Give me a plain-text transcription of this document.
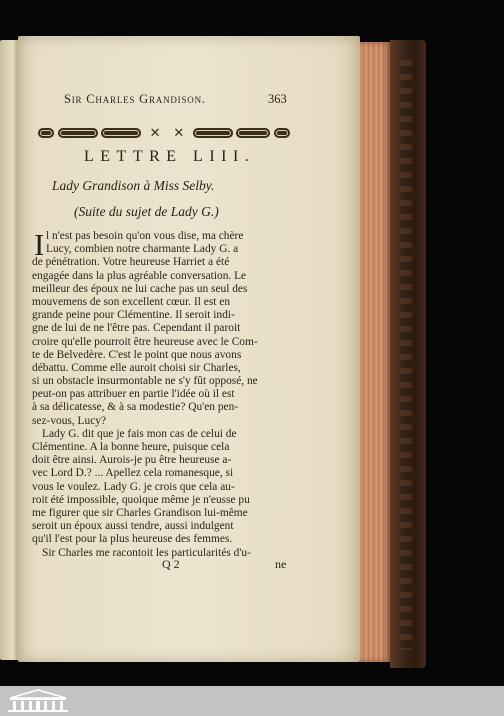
Sir Charles Grandison.	363
✕ ✕
LETTRE LIII.
Lady Grandison à Miss Selby.
(Suite du sujet de Lady G.)
I l n'est pas besoin qu'on vous dise, ma chère
Lucy, combien notre charmante Lady G. a
de pénétration. Votre heureuse Harriet a été
engagée dans la plus agréable conversation. Le
meilleur des époux ne lui cache pas un seul des
mouvemens de son excellent cœur. Il est en
grande peine pour Clémentine. Il seroit indi-
gne de lui de ne l'être pas. Cependant il paroit
croire qu'elle pourroit être heureuse avec le Com-
te de Belvedère. C'est le point que nous avons
débattu. Comme elle auroit choisi sir Charles,
si un obstacle insurmontable ne s'y fût opposé, ne
peut-on pas attribuer en partie l'idée où il est
à sa délicatesse, & à sa modestie? Qu'en pen-
sez-vous, Lucy?
Lady G. dit que je fais mon cas de celui de
Clémentine. A la bonne heure, puisque cela
doit être ainsi. Aurois-je pu être heureuse a-
vec Lord D.? ... Apellez cela romanesque, si
vous le voulez. Lady G. je crois que cela au-
roit été impossible, quoique même je n'eusse pu
me figurer que sir Charles Grandison lui-même
seroit un époux aussi tendre, aussi indulgent
qu'il l'est pour la plus heureuse des femmes.
Sir Charles me racontoit les particularités d'u-
Q 2	ne
